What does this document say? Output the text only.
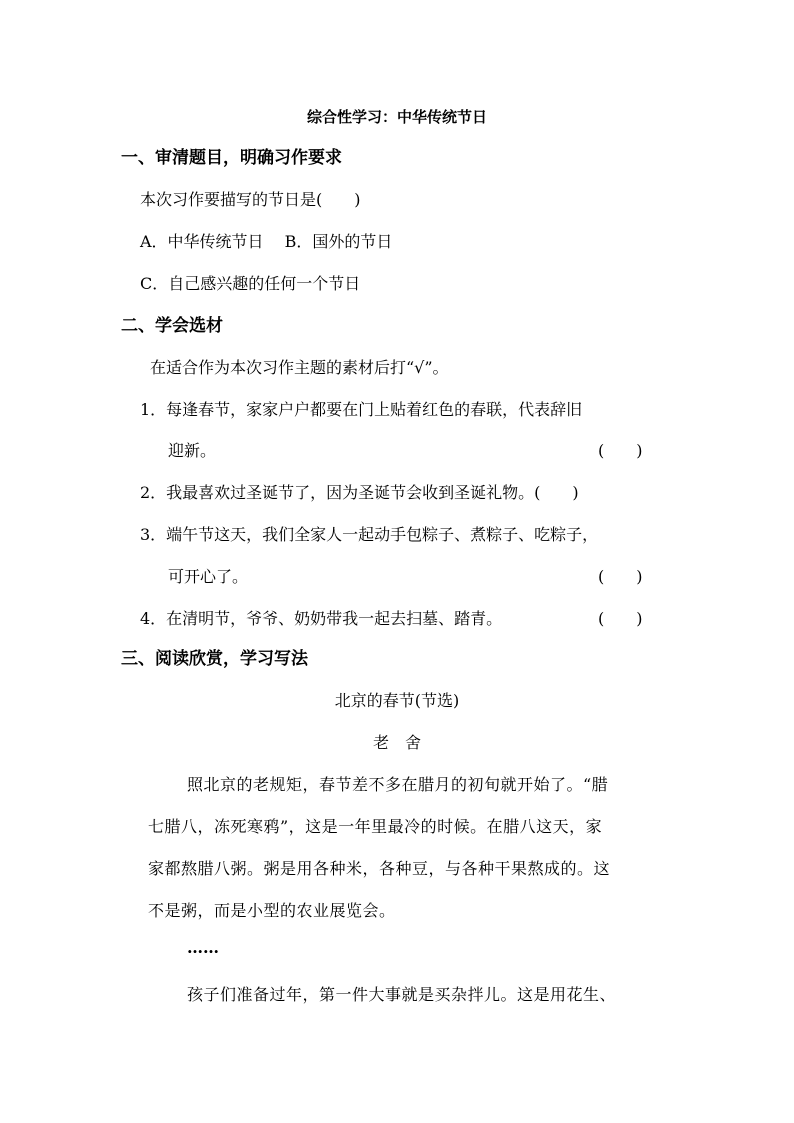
综合性学习：中华传统节日
一、审清题目，明确习作要求
本次习作要描写的节日是(　　)
A．中华传统节日　 B．国外的节日
C．自己感兴趣的任何一个节日
二、学会选材
在适合作为本次习作主题的素材后打“√”。
1．每逢春节，家家户户都要在门上贴着红色的春联，代表辞旧
迎新。	(　　)
2．我最喜欢过圣诞节了，因为圣诞节会收到圣诞礼物。(　　)
3．端午节这天，我们全家人一起动手包粽子、煮粽子、吃粽子，
可开心了。	(　　)
4．在清明节，爷爷、奶奶带我一起去扫墓、踏青。	(　　)
三、阅读欣赏，学习写法
北京的春节(节选)
老　舍
照北京的老规矩，春节差不多在腊月的初旬就开始了。“腊
七腊八，冻死寒鸦”，这是一年里最冷的时候。在腊八这天，家
家都熬腊八粥。粥是用各种米，各种豆，与各种干果熬成的。这
不是粥，而是小型的农业展览会。
……
孩子们准备过年，第一件大事就是买杂拌儿。这是用花生、
